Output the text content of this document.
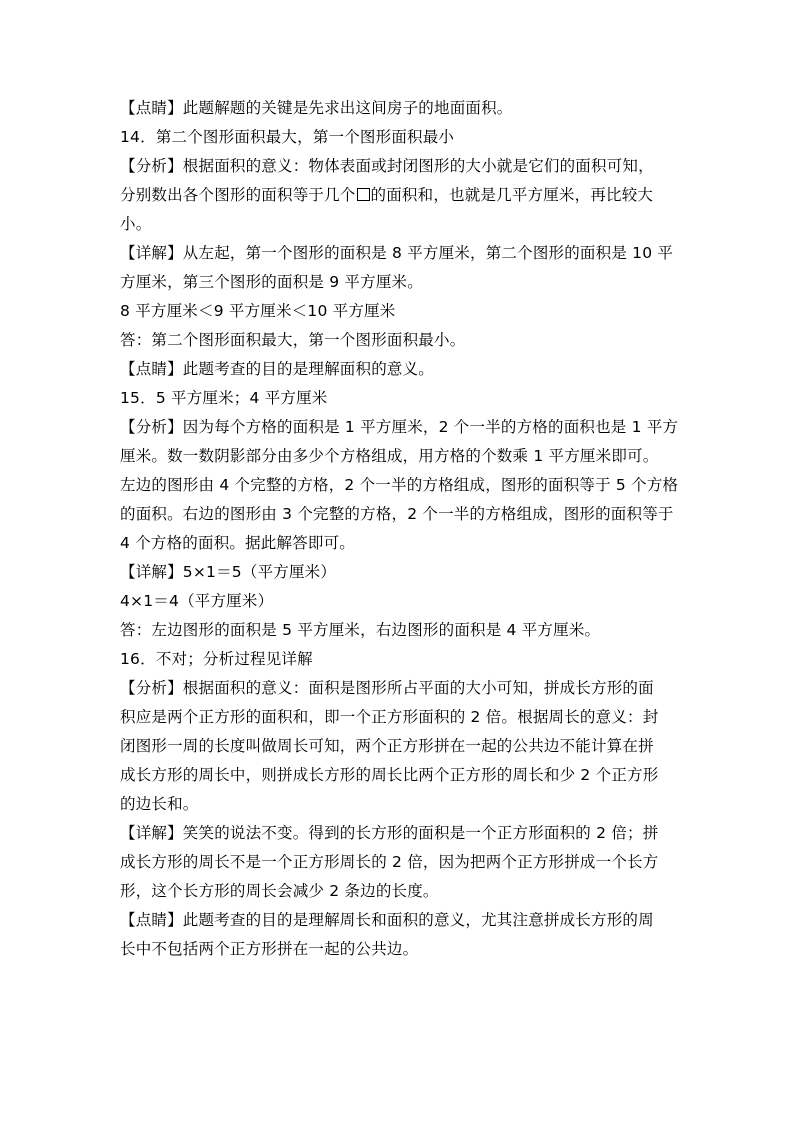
【点睛】此题解题的关键是先求出这间房子的地面面积。
14．第二个图形面积最大，第一个图形面积最小
【分析】根据面积的意义：物体表面或封闭图形的大小就是它们的面积可知，
分别数出各个图形的面积等于几个 的面积和，也就是几平方厘米，再比较大
小。
【详解】从左起，第一个图形的面积是 8 平方厘米，第二个图形的面积是 10 平
方厘米，第三个图形的面积是 9 平方厘米。
8 平方厘米＜9 平方厘米＜10 平方厘米
答：第二个图形面积最大，第一个图形面积最小。
【点睛】此题考查的目的是理解面积的意义。
15．5 平方厘米；4 平方厘米
【分析】因为每个方格的面积是 1 平方厘米，2 个一半的方格的面积也是 1 平方
厘米。数一数阴影部分由多少个方格组成，用方格的个数乘 1 平方厘米即可。
左边的图形由 4 个完整的方格，2 个一半的方格组成，图形的面积等于 5 个方格
的面积。右边的图形由 3 个完整的方格，2 个一半的方格组成，图形的面积等于
4 个方格的面积。据此解答即可。
【详解】5×1＝5（平方厘米）
4×1＝4（平方厘米）
答：左边图形的面积是 5 平方厘米，右边图形的面积是 4 平方厘米。
16．不对；分析过程见详解
【分析】根据面积的意义：面积是图形所占平面的大小可知，拼成长方形的面
积应是两个正方形的面积和，即一个正方形面积的 2 倍。根据周长的意义：封
闭图形一周的长度叫做周长可知，两个正方形拼在一起的公共边不能计算在拼
成长方形的周长中，则拼成长方形的周长比两个正方形的周长和少 2 个正方形
的边长和。
【详解】笑笑的说法不变。得到的长方形的面积是一个正方形面积的 2 倍；拼
成长方形的周长不是一个正方形周长的 2 倍，因为把两个正方形拼成一个长方
形，这个长方形的周长会减少 2 条边的长度。
【点睛】此题考查的目的是理解周长和面积的意义，尤其注意拼成长方形的周
长中不包括两个正方形拼在一起的公共边。
